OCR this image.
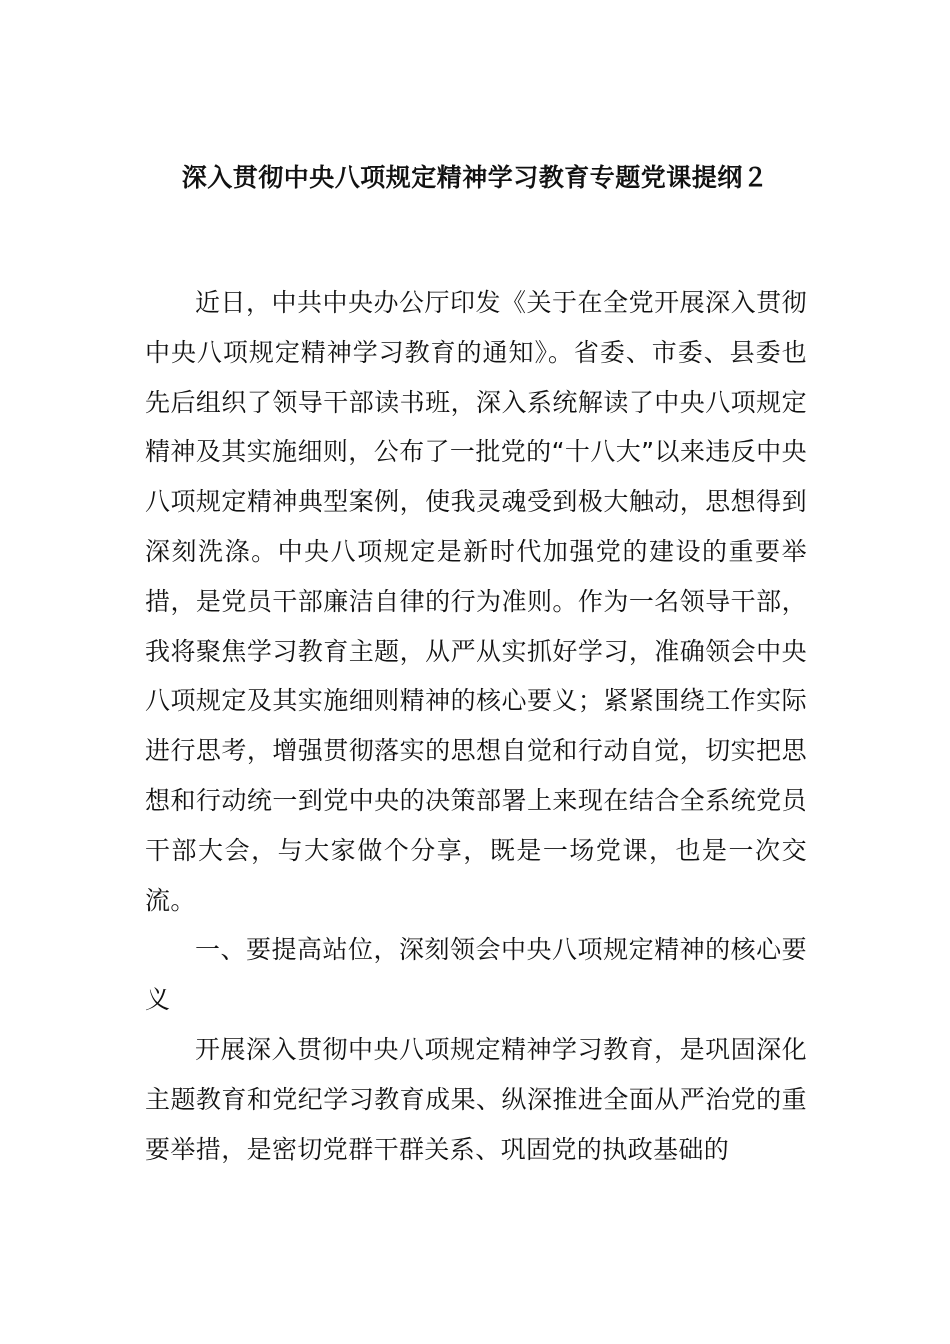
深入贯彻中央八项规定精神学习教育专题党课提纲２

近日，中共中央办公厅印发《关于在全党开展深入贯彻中央八项规定精神学习教育的通知》。省委、市委、县委也先后组织了领导干部读书班，深入系统解读了中央八项规定精神及其实施细则，公布了一批党的“十八大”以来违反中央八项规定精神典型案例，使我灵魂受到极大触动，思想得到深刻洗涤。中央八项规定是新时代加强党的建设的重要举措，是党员干部廉洁自律的行为准则。作为一名领导干部，我将聚焦学习教育主题，从严从实抓好学习，准确领会中央八项规定及其实施细则精神的核心要义；紧紧围绕工作实际进行思考，增强贯彻落实的思想自觉和行动自觉，切实把思想和行动统一到党中央的决策部署上来现在结合全系统党员干部大会，与大家做个分享，既是一场党课，也是一次交流。

一、要提高站位，深刻领会中央八项规定精神的核心要义

开展深入贯彻中央八项规定精神学习教育，是巩固深化主题教育和党纪学习教育成果、纵深推进全面从严治党的重要举措，是密切党群干群关系、巩固党的执政基础的
